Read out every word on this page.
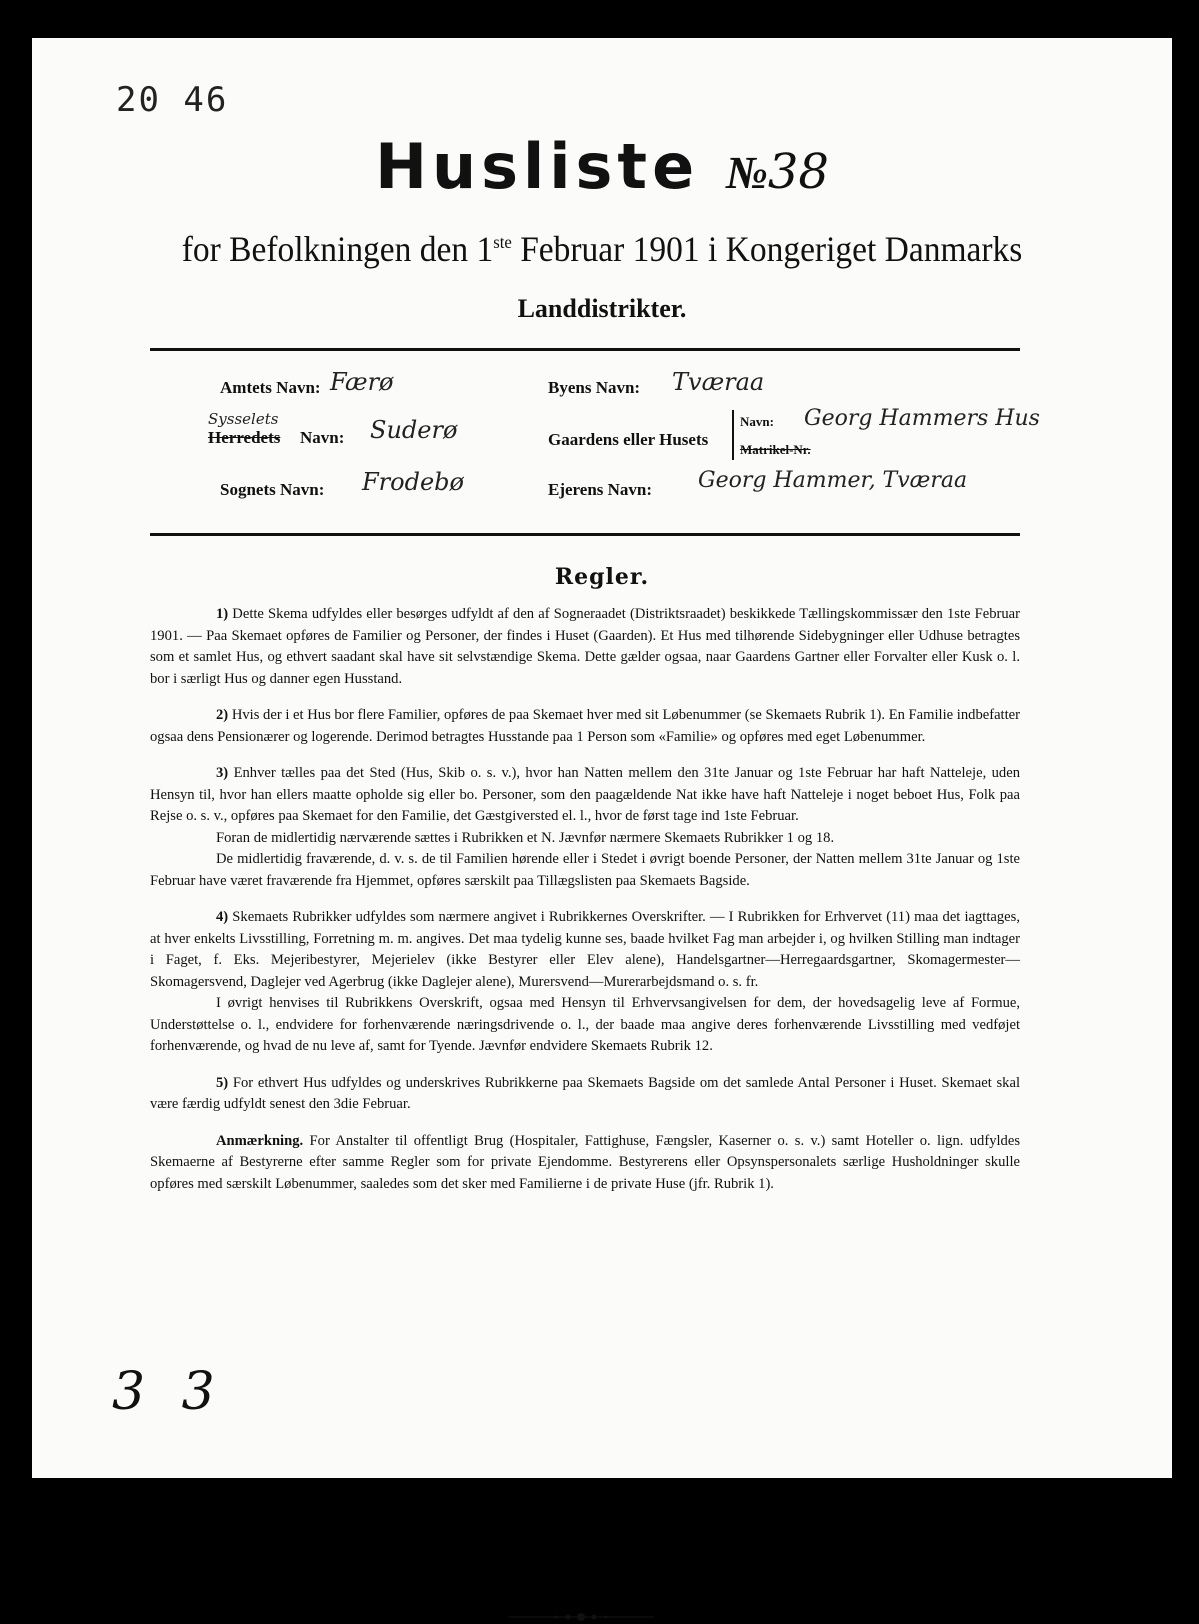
20 46
Husliste №38
for Befolkningen den 1ste Februar 1901 i Kongeriget Danmarks
Landdistrikter.
Amtets Navn: Færø
Sysselets
Herredets Navn: Suderø
Sognets Navn: Frodebø
Byens Navn: Tværaa
Gaardens eller Husets
Navn: Georg Hammers Hus
Matrikel-Nr.
Ejerens Navn: Georg Hammer, Tværaa
Regler.

1) Dette Skema udfyldes eller besørges udfyldt af den af Sogneraadet (Distriktsraadet) beskikkede Tællingskommissær den 1ste Februar 1901. — Paa Skemaet opføres de Familier og Personer, der findes i Huset (Gaarden). Et Hus med tilhørende Sidebygninger eller Udhuse betragtes som et samlet Hus, og ethvert saadant skal have sit selvstændige Skema. Dette gælder ogsaa, naar Gaardens Gartner eller Forvalter eller Kusk o. l. bor i særligt Hus og danner egen Husstand.

2) Hvis der i et Hus bor flere Familier, opføres de paa Skemaet hver med sit Løbenummer (se Skemaets Rubrik 1). En Familie indbefatter ogsaa dens Pensionærer og logerende. Derimod betragtes Husstande paa 1 Person som «Familie» og opføres med eget Løbenummer.

3) Enhver tælles paa det Sted (Hus, Skib o. s. v.), hvor han Natten mellem den 31te Januar og 1ste Februar har haft Natteleje, uden Hensyn til, hvor han ellers maatte opholde sig eller bo. Personer, som den paagældende Nat ikke have haft Natteleje i noget beboet Hus, Folk paa Rejse o. s. v., opføres paa Skemaet for den Familie, det Gæstgiversted el. l., hvor de først tage ind 1ste Februar.

Foran de midlertidig nærværende sættes i Rubrikken et N. Jævnfør nærmere Skemaets Rubrikker 1 og 18.

De midlertidig fraværende, d. v. s. de til Familien hørende eller i Stedet i øvrigt boende Personer, der Natten mellem 31te Januar og 1ste Februar have været fraværende fra Hjemmet, opføres særskilt paa Tillægslisten paa Skemaets Bagside.

4) Skemaets Rubrikker udfyldes som nærmere angivet i Rubrikkernes Overskrifter. — I Rubrikken for Erhvervet (11) maa det iagttages, at hver enkelts Livsstilling, Forretning m. m. angives. Det maa tydelig kunne ses, baade hvilket Fag man arbejder i, og hvilken Stilling man indtager i Faget, f. Eks. Mejeribestyrer, Mejerielev (ikke Bestyrer eller Elev alene), Handelsgartner—Herregaardsgartner, Skomagermester—Skomagersvend, Daglejer ved Agerbrug (ikke Daglejer alene), Murersvend—Murerarbejdsmand o. s. fr.

I øvrigt henvises til Rubrikkens Overskrift, ogsaa med Hensyn til Erhvervsangivelsen for dem, der hovedsagelig leve af Formue, Understøttelse o. l., endvidere for forhenværende næringsdrivende o. l., der baade maa angive deres forhenværende Livsstilling med vedføjet forhenværende, og hvad de nu leve af, samt for Tyende. Jævnfør endvidere Skemaets Rubrik 12.

5) For ethvert Hus udfyldes og underskrives Rubrikkerne paa Skemaets Bagside om det samlede Antal Personer i Huset. Skemaet skal være færdig udfyldt senest den 3die Februar.

Anmærkning. For Anstalter til offentligt Brug (Hospitaler, Fattighuse, Fængsler, Kaserner o. s. v.) samt Hoteller o. lign. udfyldes Skemaerne af Bestyrerne efter samme Regler som for private Ejendomme. Bestyrerens eller Opsynspersonalets særlige Husholdninger skulle opføres med særskilt Løbenummer, saaledes som det sker med Familierne i de private Huse (jfr. Rubrik 1).

3 3
